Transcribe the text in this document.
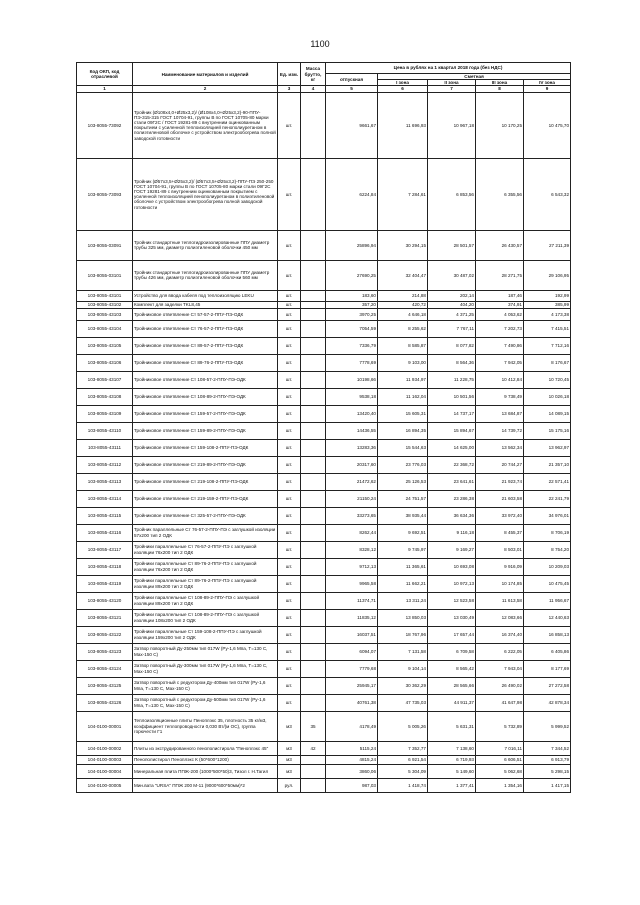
1100
Код ОКП, код отраслевой	Наименование материалов и изделий	Ед. изм.	Масса брутто, кг	Цена в рублях на 1 квартал 2018 года (без НДС)				
				отпускная	Сметная			
					I зона	II зона	III зона	IV зона
1	2	3	4	5	6	7	8	9
103-8055-73092	Тройник (Ø108х4,0+Ø25х3,2)/ (Ø108х4,0+Ø25х3,2)-90-ППУ-ПЭ-315-315 ГОСТ 10704-91, группы В по ГОСТ 10705-80 марки стали 09Г2С / ГОСТ 19281-89 с внутренним оцинкованным покрытием с усиленной теплоизоляцией пенополиуретаном в полиэтиленовой оболочке с устройством электрообогрева полной заводской готовности	шт.		9661,67	11 696,93	10 967,18	10 170,25	10 475,70
103-8055-73093	Тройник (Ø57х3,5+Ø25х3,2)/ (Ø57х3,5+Ø25х3,2)-ППУ-ПЭ 250-250 ГОСТ 10704-91, группы В по ГОСТ 10705-80 марки стали 09Г2С ГОСТ 19281-89 с внутренним оцинкованным покрытием с усиленной теплоизоляцией пенополиуретаном в полиэтиленовой оболочке с устройством электрообогрева полной заводской готовности	шт.		6224,84	7 284,61	6 853,56	6 355,56	6 543,32
103-8055-03091	Тройник стандартные теплогидроизолированные ППУ диаметр трубы 325 мм, диаметр полиэтиленовой оболочки 450 мм	шт.		25896,94	30 294,15	28 501,57	26 430,57	27 211,39
103-8055-03101	Тройник стандартные теплогидроизолированные ППУ диаметр трубы 426 мм, диаметр полиэтиленовой оболочки 560 мм	шт.		27690,25	32 404,47	30 487,02	28 271,75	29 106,95
103-8055-43101	Устройство для ввода кабеля под теплоизоляцию LEKU	шт.		183,60	214,88	202,14	187,46	192,99
103-8055-43102	Комплект для заделки TKL8,45	шт.		357,20	420,72	404,20	374,91	385,99
103-8055-43103	Тройниковое ответвление Ст 57-57-2-ППУ-ПЭ-ОДК	шт.		3970,25	4 646,18	4 371,25	4 053,62	4 173,38
103-8055-43104	Тройниковое ответвление Ст 76-57-2-ППУ-ПЭ-ОДК	шт.		7054,59	8 255,62	7 767,11	7 202,73	7 415,51
103-8055-43105	Тройниковое ответвление Ст 89-57-2-ППУ-ПЭ-ОДК	шт.		7336,79	8 585,87	8 077,82	7 490,86	7 712,16
103-8055-43106	Тройниковое ответвление Ст 89-76-2-ППУ-ПЭ-ОДК	шт.		7778,69	9 103,00	8 564,36	7 942,05	8 176,67
103-8055-43107	Тройниковое ответвление Ст 108-57-2-ППУ-ПЭ-ОДК	шт.		10198,66	11 934,97	11 228,75	10 412,84	10 720,45
103-8055-43108	Тройниковое ответвление Ст 108-89-2-ППУ-ПЭ-ОДК	шт.		9538,18	11 162,04	10 501,56	9 738,49	10 026,18
103-8055-43109	Тройниковое ответвление Ст 159-57-2-ППУ-ПЭ-ОДК	шт.		13420,40	15 605,31	14 737,17	13 684,87	14 089,15
103-8055-43110	Тройниковое ответвление Ст 159-89-2-ППУ-ПЭ-ОДК	шт.		14436,55	16 894,35	15 894,67	14 739,72	15 175,16
103-8055-43111	Тройниковое ответвление Ст 159-108-2-ППУ-ПЭ-ОДК	шт.		13283,36	15 544,63	14 625,00	13 562,34	13 962,97
103-8055-43112	Тройниковое ответвление Ст 219-89-2-ППУ-ПЭ-ОДК	шт.		20317,60	23 776,03	22 368,72	20 744,27	21 357,10
103-8055-43113	Тройниковое ответвление Ст 219-108-2-ППУ-ПЭ-ОДК	шт.		21472,62	25 126,53	23 641,61	21 923,74	22 571,41
103-8055-43114	Тройниковое ответвление Ст 219-159-2-ППУ-ПЭ-ОДК	шт.		21150,24	24 751,57	23 286,38	21 603,58	22 241,79
103-8055-43115	Тройниковое ответвление Ст 325-57-2-ППУ-ПЭ-ОДК	шт.		33273,65	38 935,44	36 634,36	33 972,40	34 976,01
103-8055-43116	Тройник параллельные Ст 76-57-2-ППУ-ПЭ с заглушкой изоляции 57х200 тип 2 ОДК	шт.		8262,44	9 692,51	9 116,18	8 455,37	8 706,19
103-8055-43117	Тройники параллельные Ст 76-57-2-ППУ-ПЭ с заглушкой изоляции 76х200 тип 2 ОДК	шт.		8328,12	9 745,97	9 169,27	8 503,01	8 754,20
103-8055-43118	Тройники параллельные Ст 89-76-2-ППУ-ПЭ с заглушкой изоляции 76х200 тип 2 ОДК	шт.		9712,13	11 365,61	10 693,08	9 916,09	10 209,03
103-8055-43119	Тройники параллельные Ст 89-76-2-ППУ-ПЭ с заглушкой изоляции 89х200 тип 2 ОДК	шт.		9965,58	11 662,21	10 972,13	10 174,85	10 475,45
103-8055-43120	Тройники параллельные Ст 108-89-2-ППУ-ПЭ с заглушкой изоляции 89х200 тип 2 ОДК	шт.		11374,71	13 311,24	12 523,58	11 613,58	11 956,67
103-8055-43121	Тройники параллельные Ст 108-89-2-ППУ-ПЭ с заглушкой изоляции 108х200 тип 2 ОДК	шт.		11835,12	13 850,03	13 030,49	12 083,66	12 440,63
103-8055-43122	Тройники параллельные Ст 159-108-2-ППУ-ПЭ с заглушкой изоляции 159х200 тип 2 ОДК	шт.		16037,51	18 767,96	17 657,44	16 374,40	16 858,13
103-8055-43123	Затвор поворотный Ду-250мм тип 017W (Ру-1,6 Мпа, Т=130 С, Мах-150 С)	шт.		6094,07	7 131,58	6 709,58	6 222,05	6 405,86
103-8055-43124	Затвор поворотный Ду-300мм тип 017W (Ру-1,6 Мпа, Т=130 С, Мах-150 С)	шт.		7779,68	9 104,14	8 565,42	7 943,04	8 177,69
103-8055-43125	Затвор поворотный с редуктором Ду-400мм тип 017W (Ру-1,6 Мпа, Т=130 С, Мах-150 С)	шт.		25945,17	30 362,29	28 565,66	26 490,02	27 272,58
103-8055-43126	Затвор поворотный с редуктором Ду-500мм тип 017W (Ру-1,6 Мпа, Т=130 С, Мах-150 С)	шт.		40761,38	47 735,03	44 911,37	41 647,98	42 878,34
104-0100-00001	Теплоизоляционные плиты Пеноплэкс 35, плотность 35 кг/м3, коэффициент теплопроводности 0,030 Вт/(м ОС), группа горючести Г1	м3	35	4178,49	5 005,26	5 631,31	5 732,89	5 999,52
104-0100-00002	Плиты из экструдированного пенополистирола "Пеноплэкс 45"	м3	42	5115,24	7 352,77	7 138,60	7 016,11	7 344,52
104-0100-00003	Пенополистирол Пеноплэкс К (50*600*1200)	м3		4815,24	6 921,54	6 719,93	6 606,51	6 913,79
104-0100-00004	Минеральная плита ППЖ-200 (1000*500*50)3, Тизол г. Н.Тагил	м3		3860,06	5 304,09	5 149,60	5 062,68	5 298,15
104-0100-00005	Мин.вата "URSA" ППЖ 200 М-11 (9000*600*50мм)*2	рул.		987,03	1 418,74	1 377,41	1 354,16	1 417,15
